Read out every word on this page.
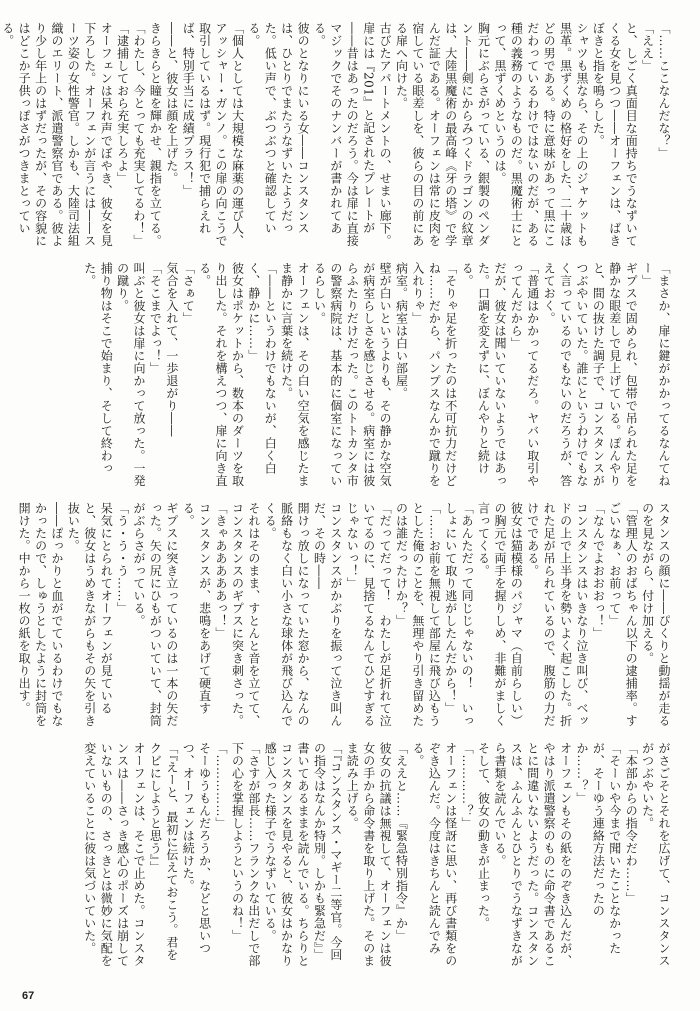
「……ここなんだな？」

「ええ」

と、しごく真面目な面持ちでうなずいてくる女を見つつ――オーフェンは、ばきぼきと指を鳴らした。

シャツも黒なら、その上のジャケットも黒革。黒ずくめの格好をした、二十歳ほどの男である。特に意味があって黒にこだわっているわけではないのだが、ある種の義務のようなものだ。黒魔術士にとって、黒ずくめというのは。

胸元にぶらさがっている、銀製のペンダント――剣にからみつくドラゴンの紋章は、大陸黒魔術の最高峰《牙の塔》で学んだ証である。オーフェンは常に皮肉を宿している眼差しを、彼らの目の前にある扉へ向けた。

古びたアパートメントの、せまい廊下。扉には『201』と記されたプレートが――昔はあったのだろう。今は扉に直接マジックでそのナンバーが書かれてある。

彼のとなりにいる女――コンスタンスは、ひとりでまたうなずいたようだった。低い声で、ぶつぶつと確認している。

「個人としては大規模な麻薬の運び人、アッシャー・ガンノ。この扉の向こうで取引しているはず。現行犯で捕らえれば、特別手当に成績プラス！」

――と、彼女は顔を上げた。

きらきらと瞳を輝かせ、親指を立てる。

「わたし、今とっても充実してるわ！」

「逮捕しておら充実しろよ」

オーフェンは呆れ声でぼやき、彼女を見下ろした。オーフェンが言うには――スーツ姿の女性警官。しかも、大陸司法組織のエリート、派遣警察官である。彼より少し年上のはずだったが、その容貌にはどこか子供っぽさがつきまとっている。

「まさか、扉に鍵がかかってるなんてねー」

ギプスで固められ、包帯で吊られた足を静かな眼差しで見上げている。ぽんやりと、間の抜けた調子で、コンスタンスがつぶやいていた。誰にというわけでもなく言っているのでもないのだろうが、答えておく。

「普通はかかってるだろ。ヤバい取引やってんだから」

だが、彼女は聞いていないようではあった。口調を変えずに、ぼんやりと続ける。

「そりゃ足を折ったのは不可抗力だけどね……だから、パンプスなんかで蹴りを入れりゃ」

病室。病室は白い部屋。

壁が白いというよりも、その静かな空気が病室らしさを感じさせる。病室には彼らふたりだけだった。このトトカンタ市の警察病院は、基本的に個室になっているらしい。

オーフェンは、その白い空気を感じたまま静かに言葉を続けた。

「――というわけでもないが、白く白く、静かに……」

彼女はポケットから、数本のダーツを取り出した。それを構えつつ、扉に向き直る。

「さぁて」

気合を入れて、一歩退がり――

「そこまでよっ！」

叫ぶと彼女は扉に向かって放った。一発の蹴り。

捕り物はそこで始まり、そして終わった。

スタンスの顔に――ぴくりと動揺が走るのを見ながら、付け加える。

「管理人のおばちゃん以下の逮捕率。すごいなぁ、お前って」

「なんでよおおおっ！」

コンスタンスはいきなり泣き叫び、ベッドの上で上半身を勢いよく起こした。折れた足が吊られているので、腹筋の力だけでである。

彼女は猫模様のパジャマ（自前らしい）の胸元で両手を握りしめ、非難がましく言ってくる。

「あんただって同じじゃないの！　いっしょにいて取り逃がしたんだから！」

「……お前を無視して部屋に飛び込もうとした俺のことを、無理やり引き留めたのは誰だったけか？」

「だってだって！　わたしが足折れて泣いてるのに、見捨てるなんてひどすぎるじゃないっ！」

コンスタンスがかぶりを振って泣き叫んだ、その時――

開けっ放しになっていた窓から、なんの脈絡もなく白い小さな球体が飛び込んでくる。

それはそのまま、すとんと音を立てて、コンスタンスのギプスに突き刺さった。

「きゃあああああっ！」

コンスタンスが、悲鳴をあげて硬直する。

ギプスに突き立っているのは一本の矢だった。矢の尻にひもがついていて、封筒がぶらさがっている。

「う・う・う……」

呆気にとられてオーフェンが見ていると、彼女はうめきながらもその矢を引き抜いた。

――ぽっかりと血がでているわけでもなかったので、しゅうとしたように封筒を開けた。中から一枚の紙を取り出す。

がさごそとそれを広げて、コンスタンスがつぶやいた。

「本部からの指令だわ……」

「そーいや今まで聞いたことなかったが、そーゆう連絡方法だったのか……？」

オーフェンもその紙をのぞき込んだが、やはり派遣警察のものに命令書であることに間違いないようだった。コンスタンスは、ふんふんとひとりでうなずきながら書類を読んでいる。

そして、彼女の動きが止まった。

「…………？」

オーフェンは怪訝に思い、再び書類をのぞき込んだ。今度はきちんと読んでみる。

「ええと……『緊急特別指令』か」

彼女の抗議は無視して、オーフェンは彼女の手から命令書を取り上げた。そのまま読み上げる。

「『コンスタンス・マギー二等官。今回の指令はなんか特別。しかも緊急だ』」

書いてあるままを読んでいる。ちらりとコンスタンスを見やると、彼女はかなり感じ入った様子でうなずいている。

「さすが部長……フランクな出だしで部下の心を掌握しようというのね！」

「……………」

そーゆうもんだろうか、などと思いつつ、オーフェンは続けた。

「『えーと、最初に伝えておこう。君をクビにしようと思う』」

オーフェンは、そこで止めた。コンスタンスは――さっき感心のポーズは崩していないものの、さっきとは微妙に気配を変えていることに彼は気づいていた。

67
